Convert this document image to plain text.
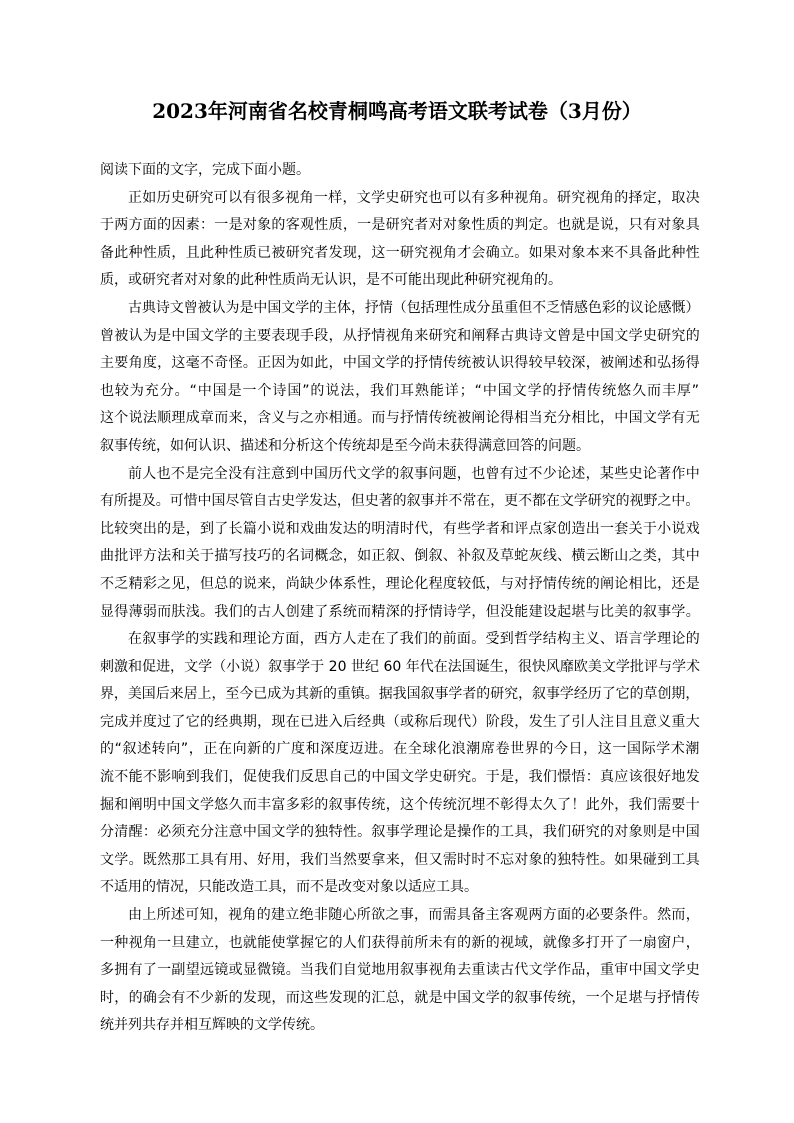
2023年河南省名校青桐鸣高考语文联考试卷（3月份）

阅读下面的文字，完成下面小题。

正如历史研究可以有很多视角一样，文学史研究也可以有多种视角。研究视角的择定，取决
于两方面的因素：一是对象的客观性质，一是研究者对对象性质的判定。也就是说，只有对象具
备此种性质，且此种性质已被研究者发现，这一研究视角才会确立。如果对象本来不具备此种性
质，或研究者对对象的此种性质尚无认识，是不可能出现此种研究视角的。

古典诗文曾被认为是中国文学的主体，抒情（包括理性成分虽重但不乏情感色彩的议论感慨）
曾被认为是中国文学的主要表现手段，从抒情视角来研究和阐释古典诗文曾是中国文学史研究的
主要角度，这毫不奇怪。正因为如此，中国文学的抒情传统被认识得较早较深，被阐述和弘扬得
也较为充分。“中国是一个诗国”的说法，我们耳熟能详；“中国文学的抒情传统悠久而丰厚”
这个说法顺理成章而来，含义与之亦相通。而与抒情传统被阐论得相当充分相比，中国文学有无
叙事传统，如何认识、描述和分析这个传统却是至今尚未获得满意回答的问题。

前人也不是完全没有注意到中国历代文学的叙事问题，也曾有过不少论述，某些史论著作中
有所提及。可惜中国尽管自古史学发达，但史著的叙事并不常在，更不都在文学研究的视野之中。
比较突出的是，到了长篇小说和戏曲发达的明清时代，有些学者和评点家创造出一套关于小说戏
曲批评方法和关于描写技巧的名词概念，如正叙、倒叙、补叙及草蛇灰线、横云断山之类，其中
不乏精彩之见，但总的说来，尚缺少体系性，理论化程度较低，与对抒情传统的阐论相比，还是
显得薄弱而肤浅。我们的古人创建了系统而精深的抒情诗学，但没能建设起堪与比美的叙事学。

在叙事学的实践和理论方面，西方人走在了我们的前面。受到哲学结构主义、语言学理论的
刺激和促进，文学（小说）叙事学于 20 世纪 60 年代在法国诞生，很快风靡欧美文学批评与学术
界，美国后来居上，至今已成为其新的重镇。据我国叙事学者的研究，叙事学经历了它的草创期，
完成并度过了它的经典期，现在已进入后经典（或称后现代）阶段，发生了引人注目且意义重大
的“叙述转向”，正在向新的广度和深度迈进。在全球化浪潮席卷世界的今日，这一国际学术潮
流不能不影响到我们，促使我们反思自己的中国文学史研究。于是，我们憬悟：真应该很好地发
掘和阐明中国文学悠久而丰富多彩的叙事传统，这个传统沉埋不彰得太久了！此外，我们需要十
分清醒：必须充分注意中国文学的独特性。叙事学理论是操作的工具，我们研究的对象则是中国
文学。既然那工具有用、好用，我们当然要拿来，但又需时时不忘对象的独特性。如果碰到工具
不适用的情况，只能改造工具，而不是改变对象以适应工具。

由上所述可知，视角的建立绝非随心所欲之事，而需具备主客观两方面的必要条件。然而，
一种视角一旦建立，也就能使掌握它的人们获得前所未有的新的视域，就像多打开了一扇窗户，
多拥有了一副望远镜或显微镜。当我们自觉地用叙事视角去重读古代文学作品，重审中国文学史
时，的确会有不少新的发现，而这些发现的汇总，就是中国文学的叙事传统，一个足堪与抒情传
统并列共存并相互辉映的文学传统。
